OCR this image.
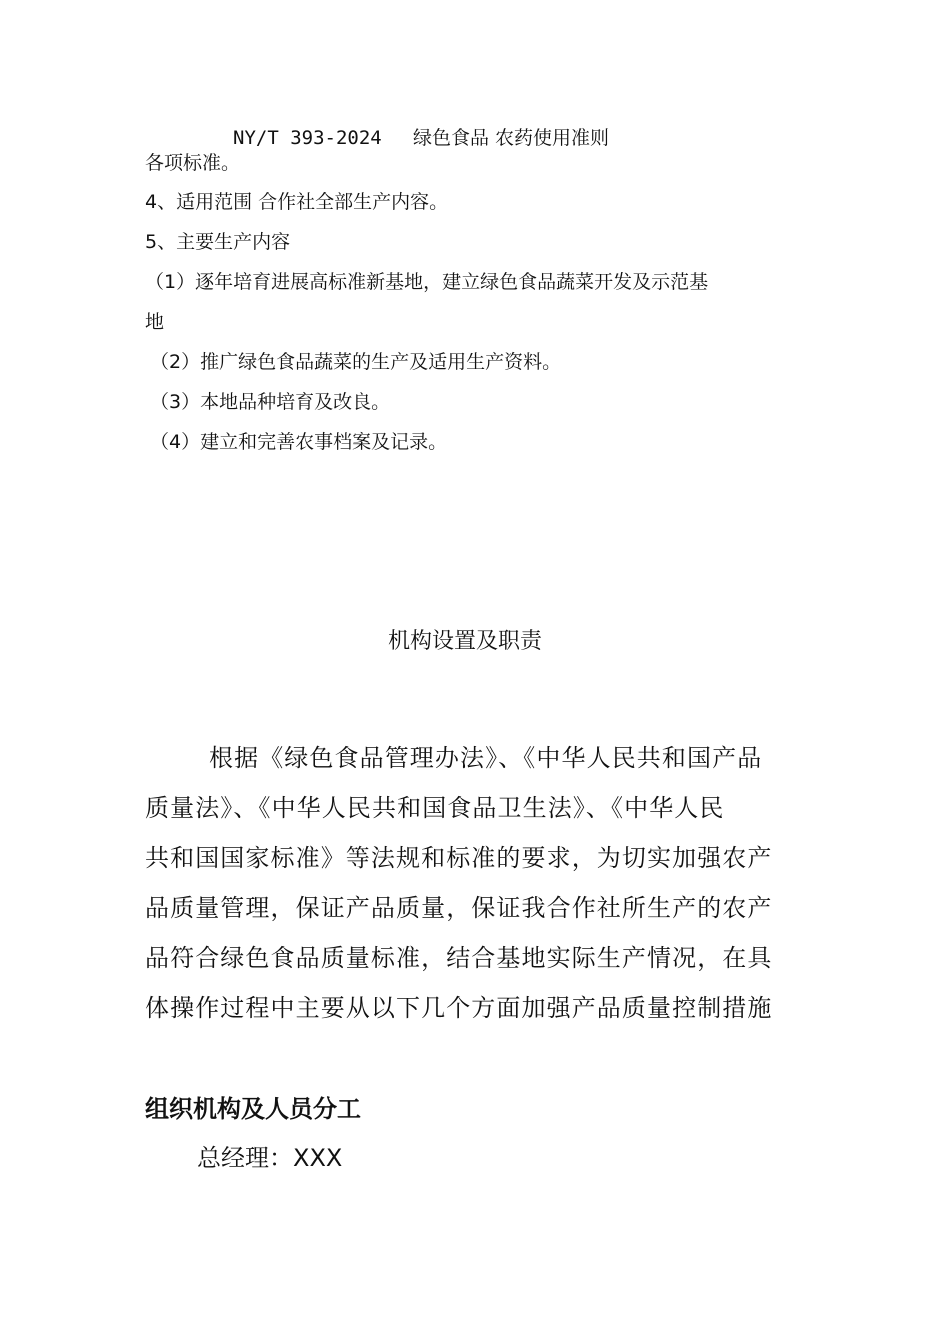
NY/T 393-2024 绿色食品 农药使用准则
各项标准。
4、适用范围 合作社全部生产内容。
5、主要生产内容
（1）逐年培育进展高标准新基地，建立绿色食品蔬菜开发及示范基
地
（2）推广绿色食品蔬菜的生产及适用生产资料。
（3）本地品种培育及改良。
（4）建立和完善农事档案及记录。
机构设置及职责
根据《绿色食品管理办法》、《中华人民共和国产品
质量法》、《中华人民共和国食品卫生法》、《中华人民
共和国国家标准》等法规和标准的要求，为切实加强农产
品质量管理，保证产品质量，保证我合作社所生产的农产
品符合绿色食品质量标准，结合基地实际生产情况，在具
体操作过程中主要从以下几个方面加强产品质量控制措施
组织机构及人员分工
总经理：XXX
